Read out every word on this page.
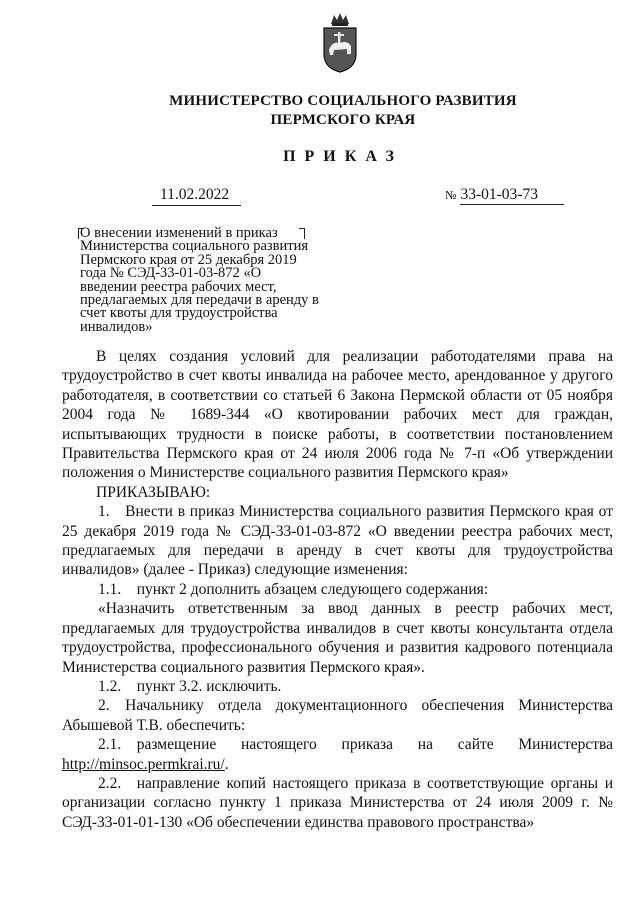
МИНИСТЕРСТВО СОЦИАЛЬНОГО РАЗВИТИЯ
ПЕРМСКОГО КРАЯ
ПРИКАЗ
11.02.2022	№ 33-01-03-73
О внесении изменений в приказ Министерства социального развития Пермского края от 25 декабря 2019 года № СЭД-33-01-03-872 «О введении реестра рабочих мест, предлагаемых для передачи в аренду в счет квоты для трудоустройства инвалидов»

В целях создания условий для реализации работодателями права на трудоустройство в счет квоты инвалида на рабочее место, арендованное у другого работодателя, в соответствии со статьей 6 Закона Пермской области от 05 ноября 2004 года № 1689-344 «О квотировании рабочих мест для граждан, испытывающих трудности в поиске работы, в соответствии постановлением Правительства Пермского края от 24 июля 2006 года № 7-п «Об утверждении положения о Министерстве социального развития Пермского края»

ПРИКАЗЫВАЮ:

1. Внести в приказ Министерства социального развития Пермского края от 25 декабря 2019 года № СЭД-33-01-03-872 «О введении реестра рабочих мест, предлагаемых для передачи в аренду в счет квоты для трудоустройства инвалидов» (далее - Приказ) следующие изменения:

1.1. пункт 2 дополнить абзацем следующего содержания:

«Назначить ответственным за ввод данных в реестр рабочих мест, предлагаемых для трудоустройства инвалидов в счет квоты консультанта отдела трудоустройства, профессионального обучения и развития кадрового потенциала Министерства социального развития Пермского края».

1.2. пункт 3.2. исключить.

2. Начальнику отдела документационного обеспечения Министерства Абышевой Т.В. обеспечить:

2.1. размещение настоящего приказа на сайте Министерства http://minsoc.permkrai.ru/.

2.2. направление копий настоящего приказа в соответствующие органы и организации согласно пункту 1 приказа Министерства от 24 июля 2009 г. № СЭД-33-01-01-130 «Об обеспечении единства правового пространства»
